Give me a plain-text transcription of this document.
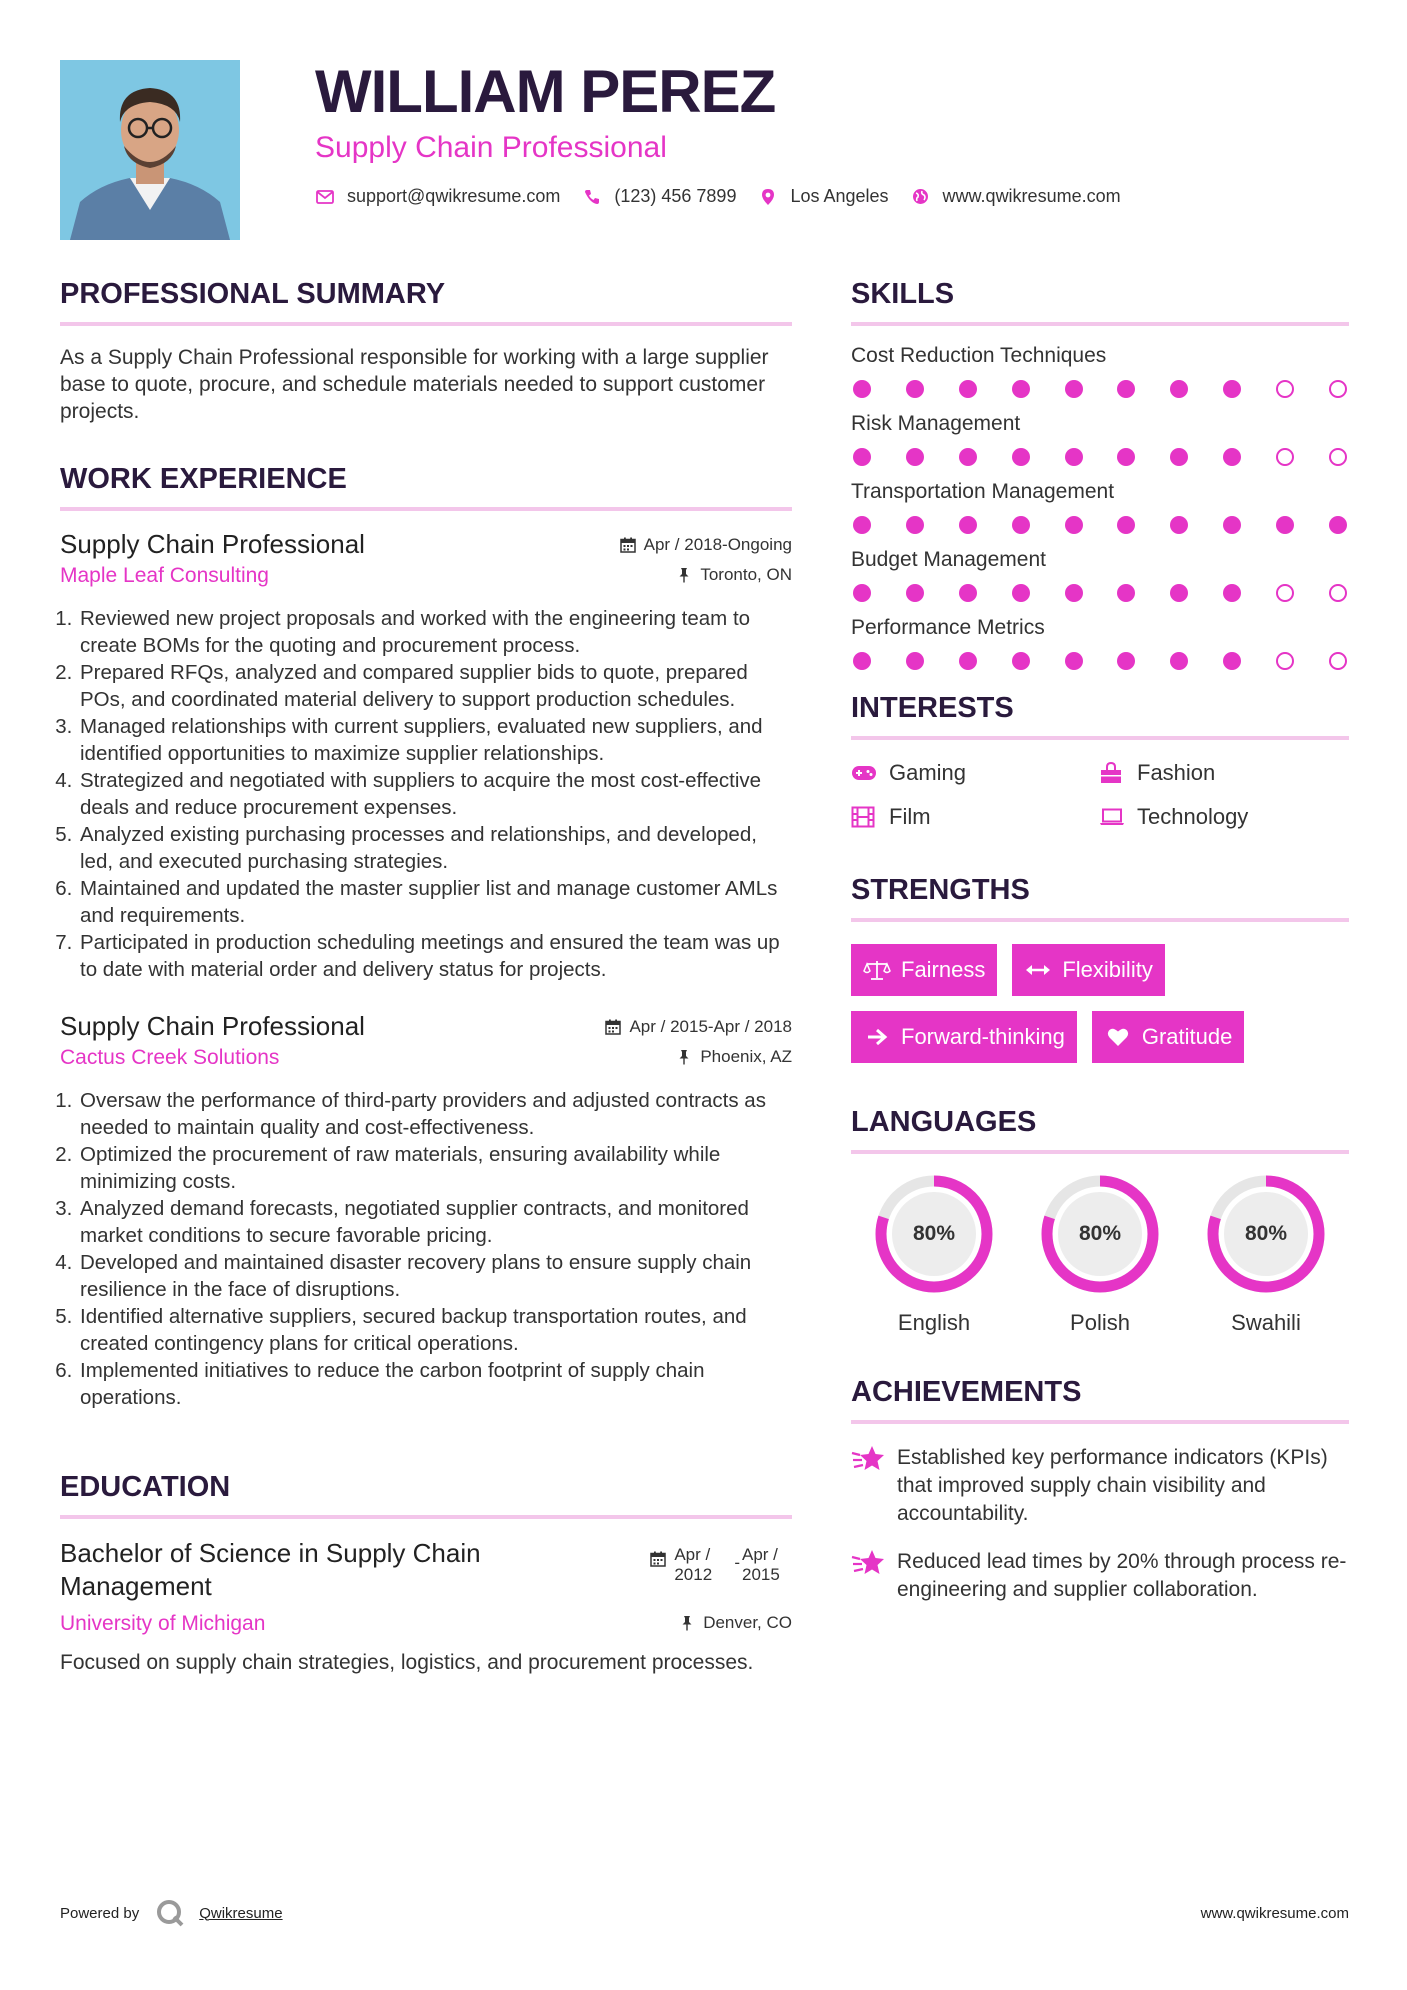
WILLIAM PEREZ
Supply Chain Professional
support@qwikresume.com	(123) 456 7899	Los Angeles	www.qwikresume.com
PROFESSIONAL SUMMARY

As a Supply Chain Professional responsible for working with a large supplier base to quote, procure, and schedule materials needed to support customer projects.

WORK EXPERIENCE
Supply Chain Professional	Apr / 2018-Ongoing
Maple Leaf Consulting	Toronto, ON
1. Reviewed new project proposals and worked with the engineering team to create BOMs for the quoting and procurement process.
2. Prepared RFQs, analyzed and compared supplier bids to quote, prepared POs, and coordinated material delivery to support production schedules.
3. Managed relationships with current suppliers, evaluated new suppliers, and identified opportunities to maximize supplier relationships.
4. Strategized and negotiated with suppliers to acquire the most cost-effective deals and reduce procurement expenses.
5. Analyzed existing purchasing processes and relationships, and developed, led, and executed purchasing strategies.
6. Maintained and updated the master supplier list and manage customer AMLs and requirements.
7. Participated in production scheduling meetings and ensured the team was up to date with material order and delivery status for projects.
Supply Chain Professional	Apr / 2015-Apr / 2018
Cactus Creek Solutions	Phoenix, AZ
1. Oversaw the performance of third-party providers and adjusted contracts as needed to maintain quality and cost-effectiveness.
2. Optimized the procurement of raw materials, ensuring availability while minimizing costs.
3. Analyzed demand forecasts, negotiated supplier contracts, and monitored market conditions to secure favorable pricing.
4. Developed and maintained disaster recovery plans to ensure supply chain resilience in the face of disruptions.
5. Identified alternative suppliers, secured backup transportation routes, and created contingency plans for critical operations.
6. Implemented initiatives to reduce the carbon footprint of supply chain operations.
EDUCATION
Bachelor of Science in Supply Chain Management
Apr / 2012
- Apr / 2015
University of Michigan	Denver, CO

Focused on supply chain strategies, logistics, and procurement processes.

SKILLS
Cost Reduction Techniques
Risk Management
Transportation Management
Budget Management
Performance Metrics
INTERESTS
Gaming	Fashion
Film	Technology
STRENGTHS
Fairness	Flexibility
Forward-thinking	Gratitude
LANGUAGES
80%
English
80%
Polish
80%
Swahili
ACHIEVEMENTS
Established key performance indicators (KPIs) that improved supply chain visibility and accountability.
Reduced lead times by 20% through process re-engineering and supplier collaboration.
Powered by	Qwikresume	www.qwikresume.com
